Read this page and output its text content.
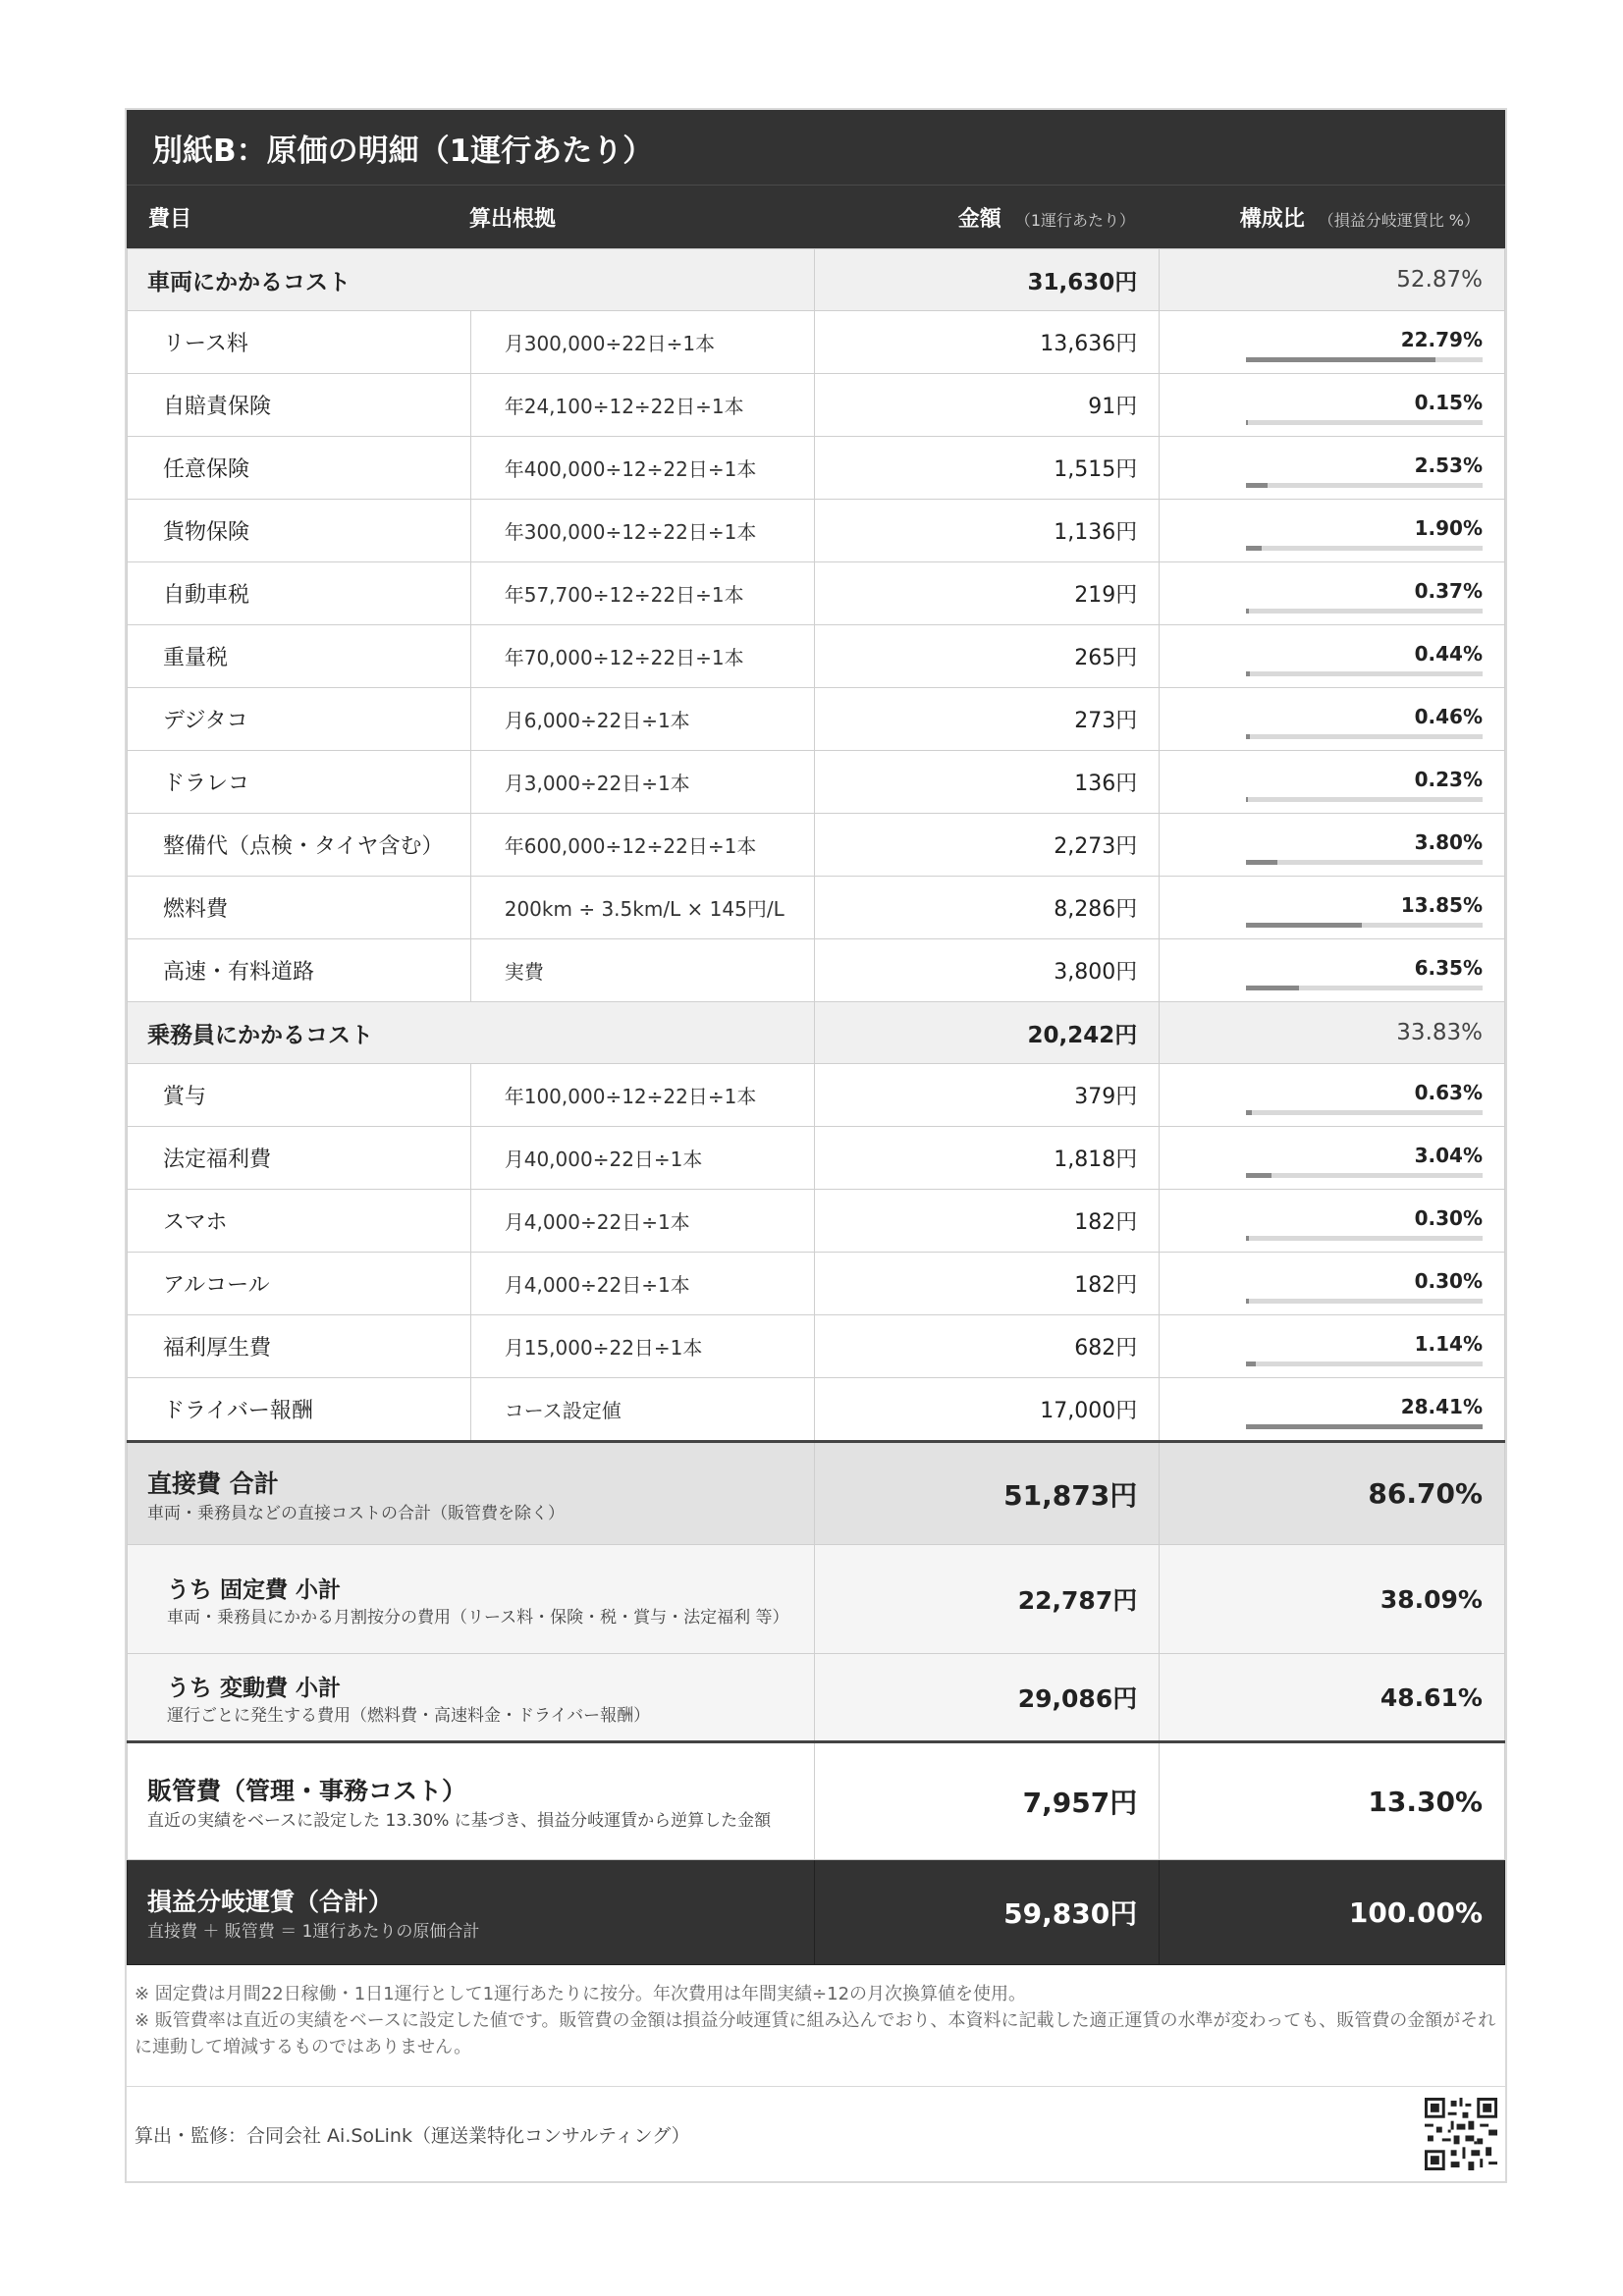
別紙B：原価の明細（1運行あたり）
費目	算出根拠	金額 （1運行あたり）	構成比 （損益分岐運賃比 %）
車両にかかるコスト		31,630円	52.87%
リース料	月300,000÷22日÷1本	13,636円	22.79%

自賠責保険	年24,100÷12÷22日÷1本	91円	0.15%

任意保険	年400,000÷12÷22日÷1本	1,515円	2.53%

貨物保険	年300,000÷12÷22日÷1本	1,136円	1.90%

自動車税	年57,700÷12÷22日÷1本	219円	0.37%

重量税	年70,000÷12÷22日÷1本	265円	0.44%

デジタコ	月6,000÷22日÷1本	273円	0.46%

ドラレコ	月3,000÷22日÷1本	136円	0.23%

整備代（点検・タイヤ含む）	年600,000÷12÷22日÷1本	2,273円	3.80%

燃料費	200km ÷ 3.5km/L × 145円/L	8,286円	13.85%

高速・有料道路	実費	3,800円	6.35%

乗務員にかかるコスト		20,242円	33.83%
賞与	年100,000÷12÷22日÷1本	379円	0.63%

法定福利費	月40,000÷22日÷1本	1,818円	3.04%

スマホ	月4,000÷22日÷1本	182円	0.30%

アルコール	月4,000÷22日÷1本	182円	0.30%

福利厚生費	月15,000÷22日÷1本	682円	1.14%

ドライバー報酬	コース設定値	17,000円	28.41%

直接費 合計
車両・乗務員などの直接コストの合計（販管費を除く）		51,873円	86.70%

うち 固定費 小計
車両・乗務員にかかる月割按分の費用（リース料・保険・税・賞与・法定福利 等）		22,787円	38.09%

うち 変動費 小計
運行ごとに発生する費用（燃料費・高速料金・ドライバー報酬）		29,086円	48.61%

販管費（管理・事務コスト）
直近の実績をベースに設定した 13.30% に基づき、損益分岐運賃から逆算した金額		7,957円	13.30%

損益分岐運賃（合計）
直接費 ＋ 販管費 ＝ 1運行あたりの原価合計		59,830円	100.00%
※ 固定費は月間22日稼働・1日1運行として1運行あたりに按分。年次費用は年間実績÷12の月次換算値を使用。
※ 販管費率は直近の実績をベースに設定した値です。販管費の金額は損益分岐運賃に組み込んでおり、本資料に記載した適正運賃の水準が変わっても、販管費の金額がそれに連動して増減するものではありません。
算出・監修：合同会社 Ai.SoLink（運送業特化コンサルティング）
